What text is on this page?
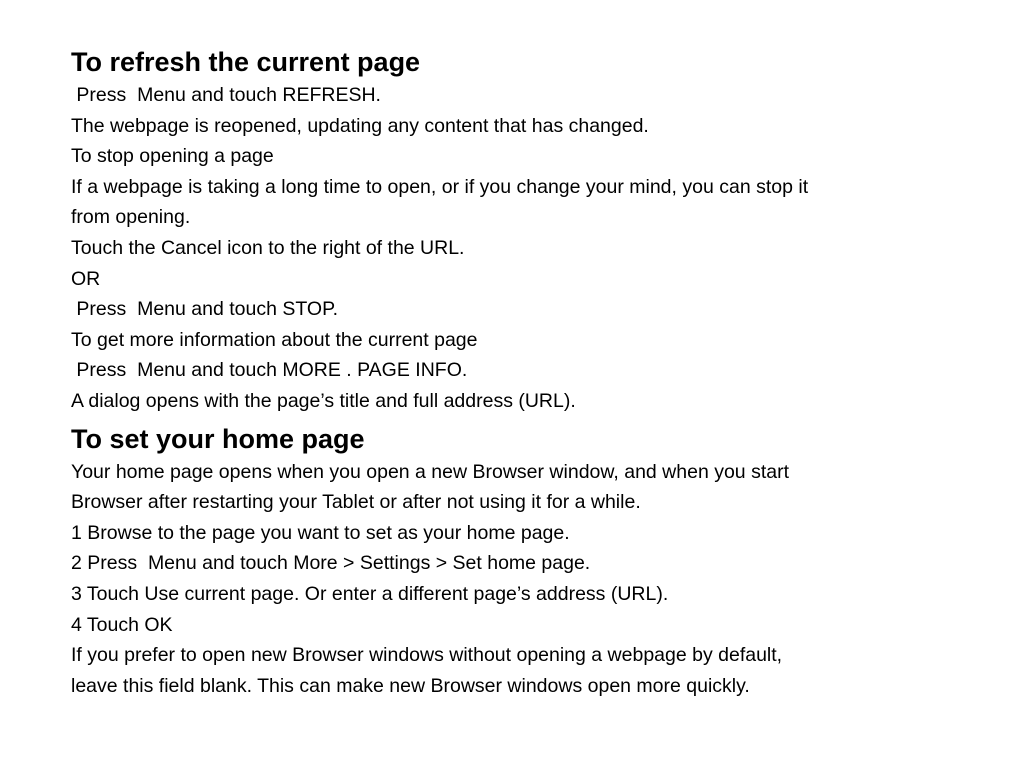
To refresh the current page

Press  Menu and touch REFRESH.

The webpage is reopened, updating any content that has changed.

To stop opening a page

If a webpage is taking a long time to open, or if you change your mind, you can stop it

from opening.

Touch the Cancel icon to the right of the URL.

OR

Press  Menu and touch STOP.

To get more information about the current page

Press  Menu and touch MORE . PAGE INFO.

A dialog opens with the page’s title and full address (URL).

To set your home page

Your home page opens when you open a new Browser window, and when you start

Browser after restarting your Tablet or after not using it for a while.

1 Browse to the page you want to set as your home page.

2 Press  Menu and touch More > Settings > Set home page.

3 Touch Use current page. Or enter a different page’s address (URL).

4 Touch OK

If you prefer to open new Browser windows without opening a webpage by default,

leave this field blank. This can make new Browser windows open more quickly.
